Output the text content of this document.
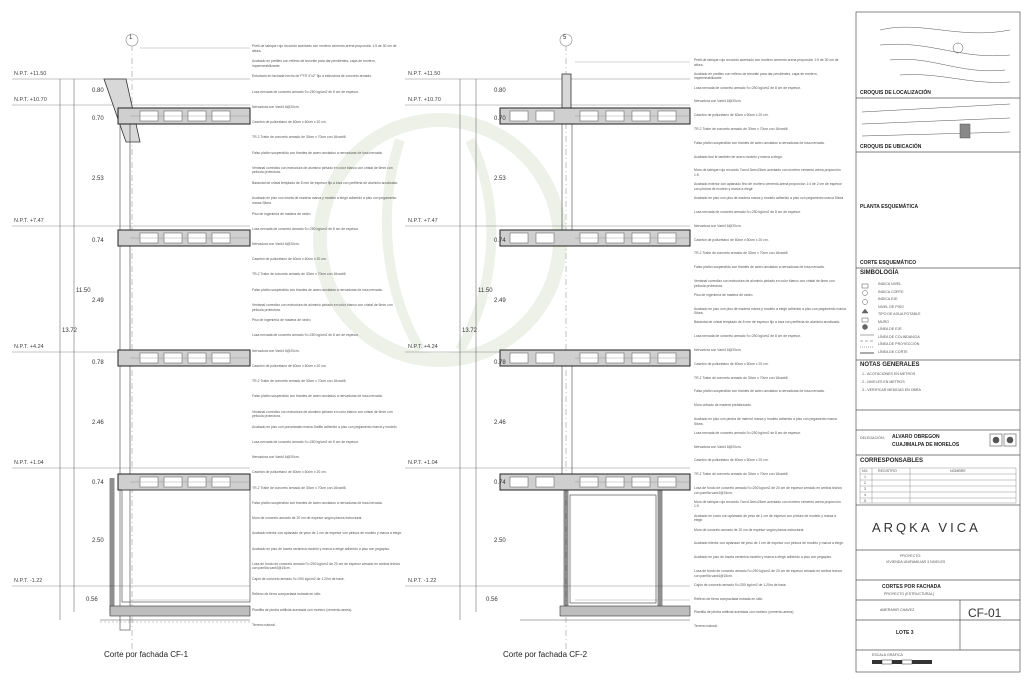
1	5
N.P.T. +11.50
N.P.T. +10.70
N.P.T. +7.47
N.P.T. +4.24
N.P.T. +1.04
N.P.T. -1.22
0.80
0.70
2.53
0.74
2.49
0.78
2.46
0.74
2.50
0.56
11.50
13.72
N.P.T. +11.50
N.P.T. +10.70
N.P.T. +7.47
N.P.T. +4.24
N.P.T. +1.04
N.P.T. -1.22
0.80
0.70
2.53
0.74
2.49
0.78
2.46
0.74
2.50
0.56
11.50
13.72
Pretil de tabique rojo recocido acentado con mortero cemento arena proporción 1:5 de 30 cm de altura.
Acabado en pretiles con relleno de tezontle para dar pendientes, capa de mortero, impermeabilizante.
Entortado en fachada hecho de PTR 4"x2" fijo a estructura de concreto armado.
Losa nervada de concreto armado f'c=250 kg/cm2 de 8 cm de espesor.
Nervadura con Var#4 6@20cm.
Casetón de poliuretano de 60cm x 60cm x 20 cm.
TR-2 Trabe de concreto armado de 30cm x 70cm con 16var#6
Falso plafón suspendido con tirantes de acero anclados a nervaduras de losa nervada.
Ventanal corredizo con estructura de aluminio pintado en color blanco con cristal de 6mm con película protectora.
Barandal de cristal templado de 8 mm de espesor fijo a losa con perfileria de aluminio anodizado.
Acabado en piso con loseta de madera marca y modelo a elegir adherido a piso con pegamento marca Sikea
Piso de ingeniería de madera de cedro.
Losa nervada de concreto armado f'c=250 kg/cm2 de 8 cm de espesor.
Nervadura con Var#4 6@20cm.
Casetón de poliuretano de 60cm x 60cm x 20 cm.
TR-2 Trabe de concreto armado de 30cm x 70cm con 16var#6
Falso plafón suspendido con tirantes de acero anclados a nervaduras de losa nervada.
Ventanal corredizo con estructura de aluminio pintado en color blanco con cristal de 6mm con película protectora.
Piso de ingeniería de madera de cedro.
Losa nervada de concreto armado f'c=250 kg/cm2 de 8 cm de espesor.
Nervadura con Var#4 6@20cm.
Casetón de poliuretano de 60cm x 60cm x 20 cm.
TR-2 Trabe de concreto armado de 30cm x 70cm con 16var#6
Falso plafón suspendido con tirantes de acero anclados a nervaduras de losa nervada.
Ventanal corredizo con estructura de aluminio pintado en color blanco con cristal de 6mm con película protectora.
Acabado en piso con porcelanato marca Daltile adherido a piso con pegamento marca y modelo.
Losa nervada de concreto armado f'c=250 kg/cm2 de 8 cm de espesor.
Nervadura con Var#4 6@20cm.
Casetón de poliuretano de 60cm x 60cm x 20 cm.
TR-2 Trabe de concreto armado de 30cm x 70cm con 16var#6
Falso plafón suspendido con tirantes de acero anclados a nervaduras de losa nervada.
Muro de concreto armado de 20 cm de espesor según planos estructural.
Acabado interior con aplanado de yeso de 1 cm de espesor con pintura de modelo y marca a elegir.
Acabado en piso de loseta cerámica modelo y marca a elegir adherido a piso con pegapiso.
Losa de fondo de concreto armado f'c=250 kg/cm2 de 20 cm de espesor armado en ambos lechos con parrilla var#4@15cm.
Cajón de concreto armado f'c=250 kg/cm2 de 1.20m de base.
Relleno de tierra compactada estrada en sitio.
Plantilla de piedra artificial acentada con mortero (cemento-arena).
Terreno natural.
Pretil de tabique rojo recocido acentado con mortero cemento arena proporción 1:5 de 30 cm de altura.
Acabado en pretiles con relleno de tezontle para dar pendientes, capa de mortero, impermeabilizante.
Losa nervada de concreto armado f'c=250 kg/cm2 de 8 cm de espesor.
Nervadura con Var#4 6@20cm.
Casetón de poliuretano de 60cm x 60cm x 20 cm.
TR-2 Trabe de concreto armado de 30cm x 70cm con 16var#6
Falso plafón suspendido con tirantes de acero anclados a nervaduras de losa nervada.
Acabado tirol te también de acero modelo y marca a elegir.
Muro de tabique rojo recocido 7cmx13cmx26cm acentado con mortero cemento arena proporción 1:5
Acabado exterior con aplanado fino de mortero cemento-arena proporción 1:4 de 2 cm de espesor con pintura de modelo y marca a elegir.
Acabado en piso con piso de madera marca y modelo adherido a piso con pegamento marca Sikea
Losa nervada de concreto armado f'c=250 kg/cm2 de 8 cm de espesor.
Nervadura con Var#4 6@20cm.
Casetón de poliuretano de 60cm x 60cm x 20 cm.
TR-2 Trabe de concreto armado de 30cm x 70cm con 16var#6
Falso plafón suspendido con tirantes de acero anclados a nervaduras de losa nervada.
Ventanal corredizo con estructura de aluminio pintado en color blanco con cristal de 6mm con película protectora.
Piso de ingeniería de madera de cedro.
Acabado en piso con piso de madera marca y modelo a elegir adherido a piso con pegamento marca Sikea.
Barandal de cristal templado de 8 mm de espesor fijo a losa con perfileria de aluminio anodizado.
Losa nervada de concreto armado f'c=250 kg/cm2 de 8 cm de espesor.
Nervadura con Var#4 6@20cm.
Casetón de poliuretano de 60cm x 60cm x 20 cm.
TR-2 Trabe de concreto armado de 30cm x 70cm con 16var#6
Falso plafón suspendido con tirantes de acero anclados a nervaduras de losa nervada.
Muro cribado de madera prefabricado.
Acabado en piso con piedra de mármol marca y modelo adherido a piso con pegamento marca Sikea.
Losa nervada de concreto armado f'c=250 kg/cm2 de 8 cm de espesor.
Nervadura con Var#4 6@20cm.
Casetón de poliuretano de 60cm x 60cm x 20 cm.
TR-2 Trabe de concreto armado de 30cm x 70cm con 16var#6
Losa de fondo de concreto armado f'c=250 kg/cm2 de 20 cm de espesor armado en ambos lechos con parrilla var#4@15cm.
Muro de tabique rojo recocido 7cmx13cmx26cm acentado con mortero cemento arena proporción 1:5
Acabado en zoclo con aplanado de yeso de 1 cm de espesor con pintura de modelo y marca a elegir.
Muro de concreto armado de 20 cm de espesor según planos estructural.
Acabado interior con aplanado de yeso de 1 cm de espesor con pintura de modelo y marca a elegir.
Acabado en piso de loseta cerámica modelo y marca a elegir adherido a piso con pegapiso.
Losa de fondo de concreto armado f'c=250 kg/cm2 de 20 cm de espesor armado en ambos lechos con parrilla var#4@15cm.
Cajón de concreto armado f'c=250 kg/cm2 de 1.20m de base.
Relleno de tierra compactada estrada en sitio.
Plantilla de piedra artificial acentada con mortero (cemento-arena).
Terreno natural.
Corte por fachada CF-1	Corte por fachada CF-2
CROQUIS DE LOCALIZACIÓN
CROQUIS DE UBICACIÓN
PLANTA ESQUEMÁTICA
CORTE ESQUEMÁTICO
SIMBOLOGÍA
INDICA NIVEL
INDICA CORTE
INDICA EJE
NIVEL DE PISO
TIPO DE AGUA POTABLE
MURO
LÍNEA DE EJE
LÍNEA DE COLINDANCIA
LÍNEA DE PROYECCIÓN
LÍNEA DE CORTE
NOTAS GENERALES
1.- ACOTACIONES EN METROS
2.- NIVELES EN METROS
3.- VERIFICAR MEDIDAS EN OBRA
DELEGACIÓN: ALVARO OBREGON
CUAJIMALPA DE MORELOS
CORRESPONSABLES
NO.	REGISTRO	NOMBRE
1
2
3
4
5
ARQKA VICA
PROYECTO:
VIVIENDA UNIFAMILIAR 3 NIVELES
CORTES POR FACHADA
PROYECTO (ESTRUCTURAL)
CF-01
AMERAHIR CHAVEZ
LOTE 3
ESCALA GRÁFICA
